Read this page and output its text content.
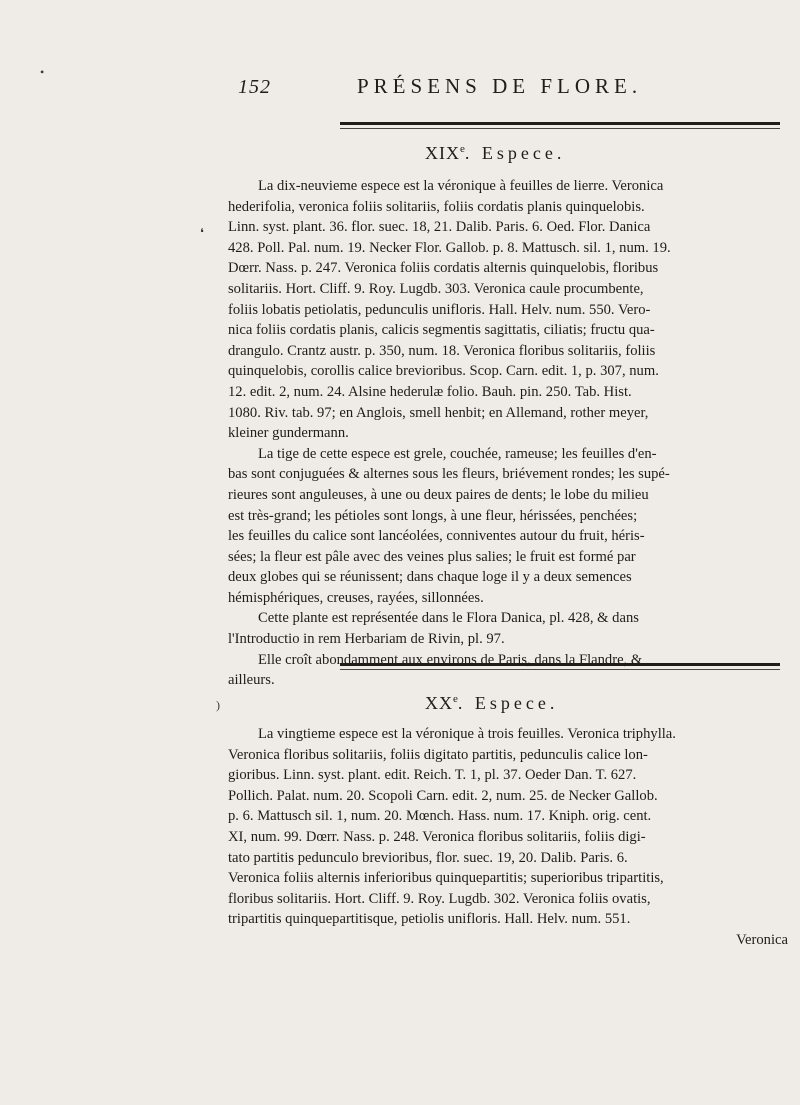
152	PRÉSENS DE FLORE.
XIXe. Espece.
La dix-neuvieme espece est la véronique à feuilles de lierre. Veronica
hederifolia, veronica foliis solitariis, foliis cordatis planis quinquelobis.
Linn. syst. plant. 36. flor. suec. 18, 21. Dalib. Paris. 6. Oed. Flor. Danica
428. Poll. Pal. num. 19. Necker Flor. Gallob. p. 8. Mattusch. sil. 1, num. 19.
Dœrr. Nass. p. 247. Veronica foliis cordatis alternis quinquelobis, floribus
solitariis. Hort. Cliff. 9. Roy. Lugdb. 303. Veronica caule procumbente,
foliis lobatis petiolatis, pedunculis unifloris. Hall. Helv. num. 550. Vero-
nica foliis cordatis planis, calicis segmentis sagittatis, ciliatis; fructu qua-
drangulo. Crantz austr. p. 350, num. 18. Veronica floribus solitariis, foliis
quinquelobis, corollis calice brevioribus. Scop. Carn. edit. 1, p. 307, num.
12. edit. 2, num. 24. Alsine hederulæ folio. Bauh. pin. 250. Tab. Hist.
1080. Riv. tab. 97; en Anglois, smell henbit; en Allemand, rother meyer,
kleiner gundermann.
La tige de cette espece est grele, couchée, rameuse; les feuilles d'en-
bas sont conjuguées & alternes sous les fleurs, briévement rondes; les supé-
rieures sont anguleuses, à une ou deux paires de dents; le lobe du milieu
est très-grand; les pétioles sont longs, à une fleur, hérissées, penchées;
les feuilles du calice sont lancéolées, conniventes autour du fruit, héris-
sées; la fleur est pâle avec des veines plus salies; le fruit est formé par
deux globes qui se réunissent; dans chaque loge il y a deux semences
hémisphériques, creuses, rayées, sillonnées.
Cette plante est représentée dans le Flora Danica, pl. 428, & dans
l'Introductio in rem Herbariam de Rivin, pl. 97.
Elle croît abondamment aux environs de Paris, dans la Flandre, &
ailleurs.
XXe. Espece.
La vingtieme espece est la véronique à trois feuilles. Veronica triphylla.
Veronica floribus solitariis, foliis digitato partitis, pedunculis calice lon-
gioribus. Linn. syst. plant. edit. Reich. T. 1, pl. 37. Oeder Dan. T. 627.
Pollich. Palat. num. 20. Scopoli Carn. edit. 2, num. 25. de Necker Gallob.
p. 6. Mattusch sil. 1, num. 20. Mœnch. Hass. num. 17. Kniph. orig. cent.
XI, num. 99. Dœrr. Nass. p. 248. Veronica floribus solitariis, foliis digi-
tato partitis pedunculo brevioribus, flor. suec. 19, 20. Dalib. Paris. 6.
Veronica foliis alternis inferioribus quinquepartitis; superioribus tripartitis,
floribus solitariis. Hort. Cliff. 9. Roy. Lugdb. 302. Veronica foliis ovatis,
tripartitis quinquepartitisque, petiolis unifloris. Hall. Helv. num. 551.
Veronica
•
❛
)
